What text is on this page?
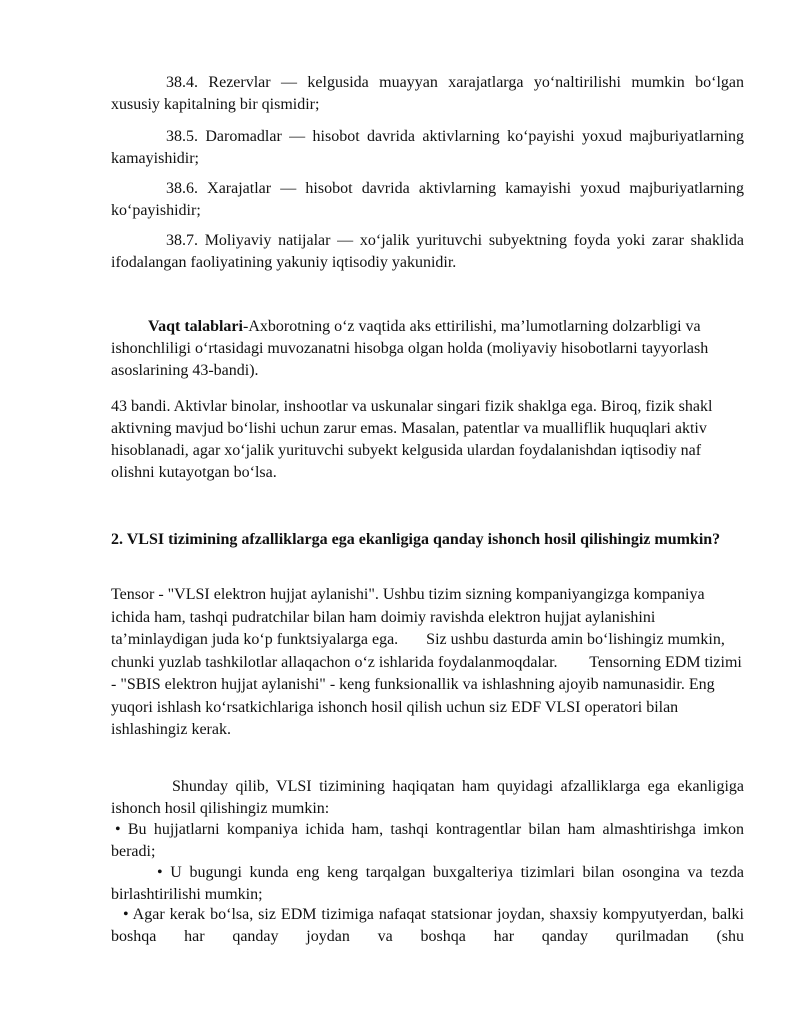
38.4. Rezervlar — kelgusida muayyan xarajatlarga yo‘naltirilishi mumkin bo‘lgan xususiy kapitalning bir qismidir;

38.5. Daromadlar — hisobot davrida aktivlarning ko‘payishi yoxud majburiyatlarning kamayishidir;

38.6. Xarajatlar — hisobot davrida aktivlarning kamayishi yoxud majburiyatlarning ko‘payishidir;

38.7. Moliyaviy natijalar — xo‘jalik yurituvchi subyektning foyda yoki zarar shaklida ifodalangan faoliyatining yakuniy iqtisodiy yakunidir.

Vaqt talablari-Axborotning o‘z vaqtida aks ettirilishi, ma’lumotlarning dolzarbligi va ishonchliligi o‘rtasidagi muvozanatni hisobga olgan holda (moliyaviy hisobotlarni tayyorlash asoslarining 43-bandi).

43 bandi. Aktivlar binolar, inshootlar va uskunalar singari fizik shaklga ega. Biroq, fizik shakl aktivning mavjud bo‘lishi uchun zarur emas. Masalan, patentlar va mualliflik huquqlari aktiv hisoblanadi, agar xo‘jalik yurituvchi subyekt kelgusida ulardan foydalanishdan iqtisodiy naf olishni kutayotgan bo‘lsa.

2. VLSI tizimining afzalliklarga ega ekanligiga qanday ishonch hosil qilishingiz mumkin?

Tensor - "VLSI elektron hujjat aylanishi". Ushbu tizim sizning kompaniyangizga kompaniya ichida ham, tashqi pudratchilar bilan ham doimiy ravishda elektron hujjat aylanishini ta’minlaydigan juda ko‘p funktsiyalarga ega.       Siz ushbu dasturda amin bo‘lishingiz mumkin, chunki yuzlab tashkilotlar allaqachon o‘z ishlarida foydalanmoqdalar.        Tensorning EDM tizimi - "SBIS elektron hujjat aylanishi" - keng funksionallik va ishlashning ajoyib namunasidir. Eng yuqori ishlash ko‘rsatkichlariga ishonch hosil qilish uchun siz EDF VLSI operatori bilan ishlashingiz kerak.

Shunday qilib, VLSI tizimining haqiqatan ham quyidagi afzalliklarga ega ekanligiga ishonch hosil qilishingiz mumkin:

• Bu hujjatlarni kompaniya ichida ham, tashqi kontragentlar bilan ham almashtirishga imkon beradi;

• U bugungi kunda eng keng tarqalgan buxgalteriya tizimlari bilan osongina va tezda birlashtirilishi mumkin;

• Agar kerak bo‘lsa, siz EDM tizimiga nafaqat statsionar joydan, shaxsiy kompyutyerdan, balki boshqa har qanday joydan va boshqa har qanday qurilmadan (shu
